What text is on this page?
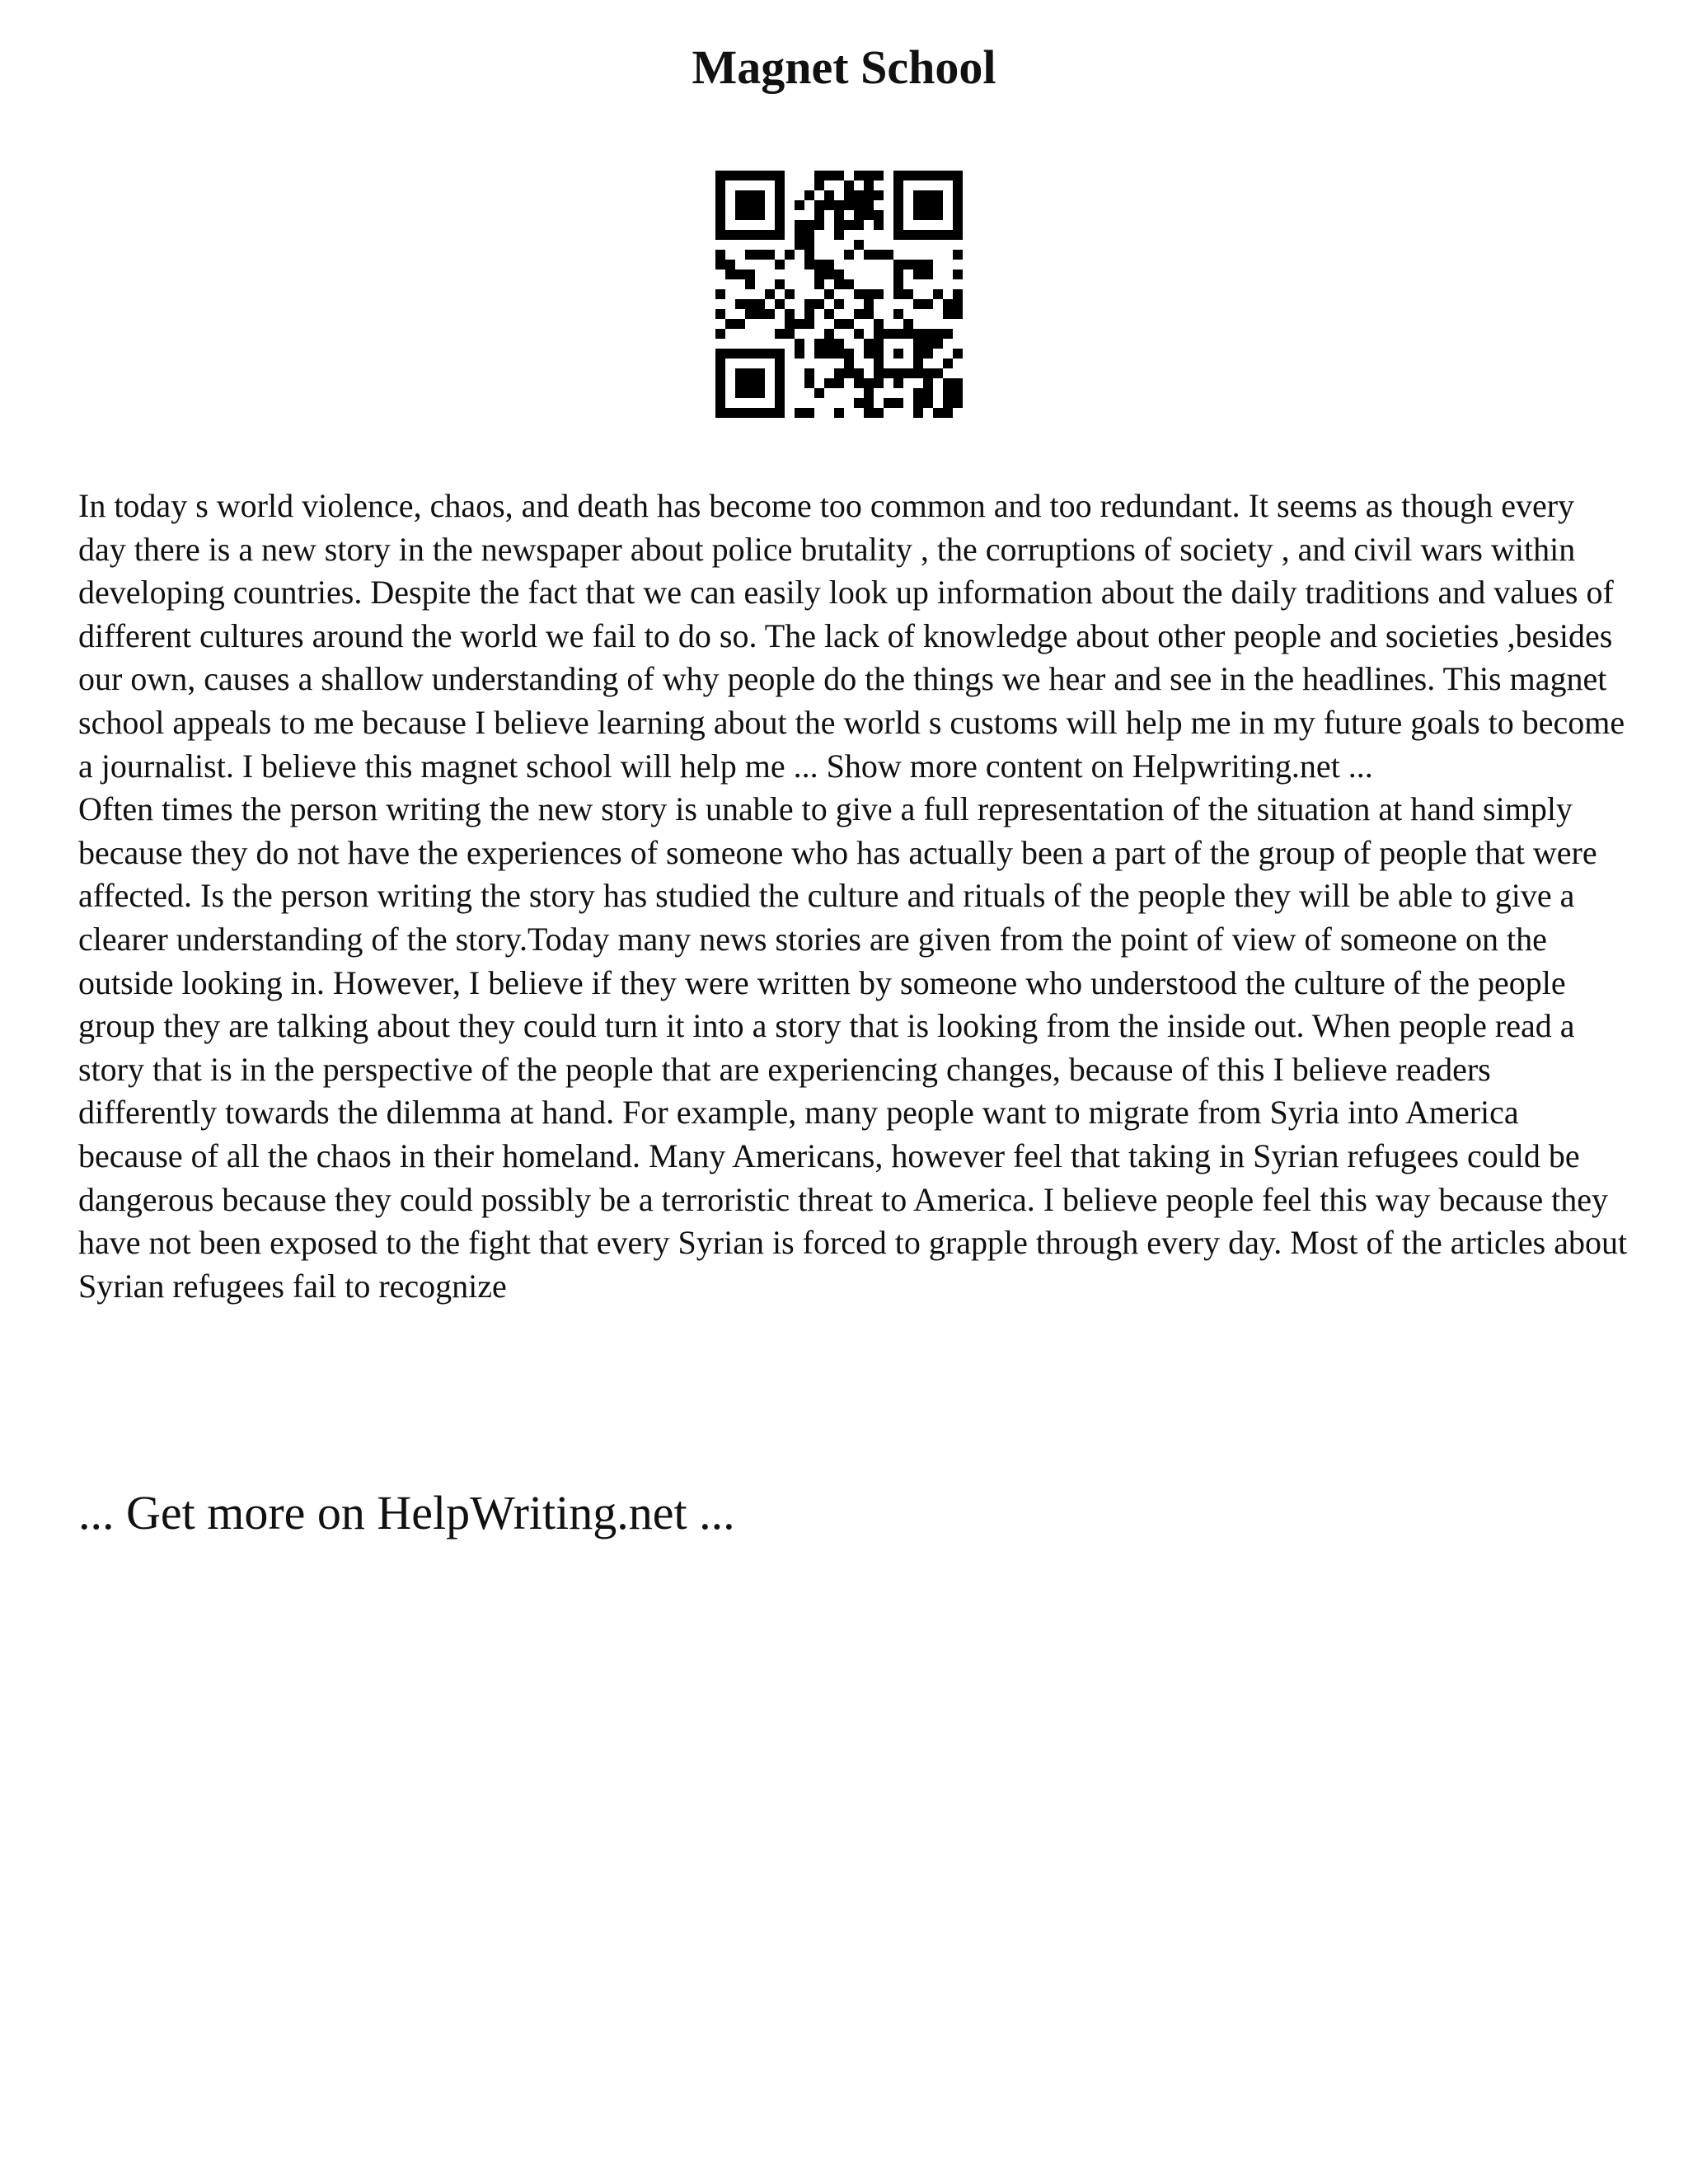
Magnet School

In today s world violence, chaos, and death has become too common and too redundant. It seems as though every day there is a new story in the newspaper about police brutality , the corruptions of society , and civil wars within developing countries. Despite the fact that we can easily look up information about the daily traditions and values of different cultures around the world we fail to do so. The lack of knowledge about other people and societies ,besides our own, causes a shallow understanding of why people do the things we hear and see in the headlines. This magnet school appeals to me because I believe learning about the world s customs will help me in my future goals to become a journalist. I believe this magnet school will help me ... Show more content on Helpwriting.net ...

Often times the person writing the new story is unable to give a full representation of the situation at hand simply because they do not have the experiences of someone who has actually been a part of the group of people that were affected. Is the person writing the story has studied the culture and rituals of the people they will be able to give a clearer understanding of the story.Today many news stories are given from the point of view of someone on the outside looking in. However, I believe if they were written by someone who understood the culture of the people group they are talking about they could turn it into a story that is looking from the inside out. When people read a story that is in the perspective of the people that are experiencing changes, because of this I believe readers differently towards the dilemma at hand. For example, many people want to migrate from Syria into America because of all the chaos in their homeland. Many Americans, however feel that taking in Syrian refugees could be dangerous because they could possibly be a terroristic threat to America. I believe people feel this way because they have not been exposed to the fight that every Syrian is forced to grapple through every day. Most of the articles about Syrian refugees fail to recognize

... Get more on HelpWriting.net ...
